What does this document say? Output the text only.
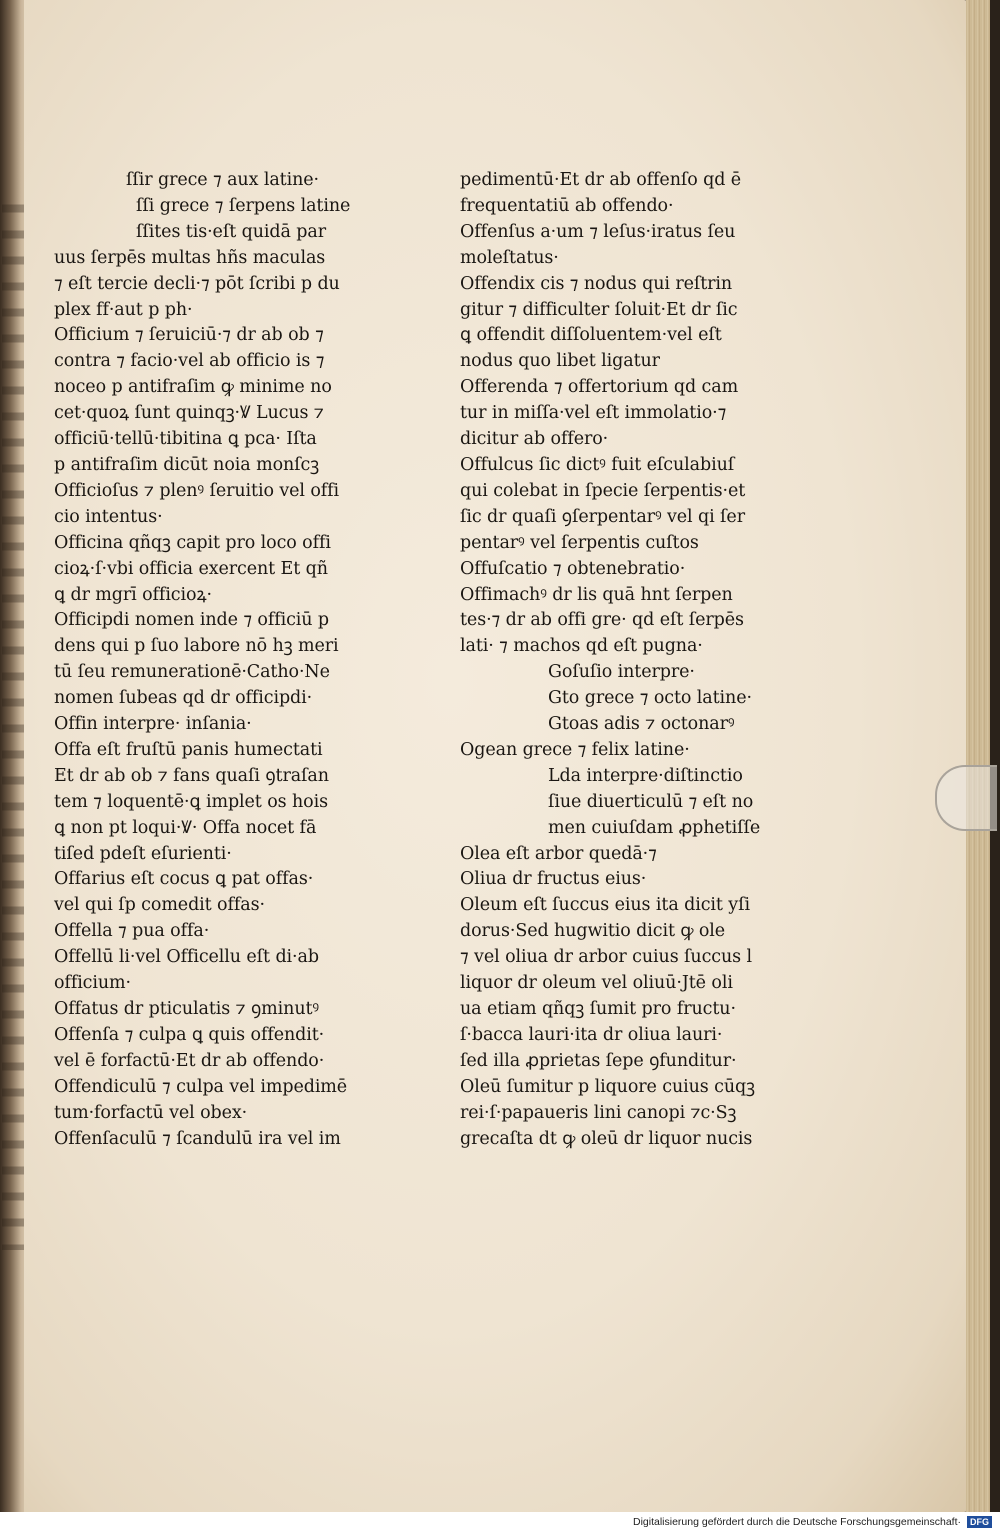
ſſir grece ⁊ aux latine·
ſſi grece ⁊ ſerpens latine
ſſites tis·eſt quidā par
uus ſerpēs multas hñs maculas
⁊ eſt tercie decli·⁊ pōt ſcribi p du
plex ff·aut p ph·
Officium ⁊ ſeruiciū·⁊ dr ab ob ⁊
contra ⁊ facio·vel ab officio is ⁊
noceo p antifraſim ꝙ minime no
cet·quoꝝ ſunt quinqꝫ·Ꝟ Lucus ⁊
officiū·tellū·tibitina ꝗ pca· Iſta
p antifraſim dicūt noia monſcꝫ
Officioſus ⁊ plenꝰ ſeruitio vel offi
cio intentus·
Officina qñqꝫ capit pro loco offi
cioꝝ·ſ·vbi officia exercent Et qñ
ꝗ dr mgrī officioꝝ·
Officipdi nomen inde ⁊ officiū p
dens qui p ſuo labore nō hꝫ meri
tū ſeu remunerationē·Catho·Ne
nomen ſubeas qd dr officipdi·
Offin interpre· inſania·
Offa eſt fruſtū panis humectati
Et dr ab ob ⁊ fans quaſi ꝯtraſan
tem ⁊ loquentē·ꝗ implet os hois
ꝗ non pt loqui·Ꝟ· Offa nocet fā
tiſed pdeſt eſurienti·
Offarius eſt cocus ꝗ pat offas·
vel qui ſp comedit offas·
Offella ⁊ pua offa·
Offellū li·vel Officellu eſt di·ab
officium·
Offatus dr pticulatis ⁊ ꝯminutꝰ
Offenſa ⁊ culpa ꝗ quis offendit·
vel ē forfactū·Et dr ab offendo·
Offendiculū ⁊ culpa vel impedimē
tum·forfactū vel obex·
Offenſaculū ⁊ ſcandulū ira vel im
pedimentū·Et dr ab offenſo qd ē
frequentatiū ab offendo·
Offenſus a·um ⁊ leſus·iratus ſeu
moleſtatus·
Offendix cis ⁊ nodus qui reſtrin
gitur ⁊ difficulter ſoluit·Et dr ſic
ꝗ offendit diſſoluentem·vel eſt
nodus quo libet ligatur
Offerenda ⁊ offertorium qd cam
tur in miſſa·vel eſt immolatio·⁊
dicitur ab offero·
Offulcus ſic dictꝰ fuit eſculabiuſ
qui colebat in ſpecie ſerpentis·et
ſic dr quaſi ꝯſerpentarꝰ vel qi ſer
pentarꝰ vel ſerpentis cuſtos
Offuſcatio ⁊ obtenebratio·
Offimachꝰ dr lis quā hnt ſerpen
tes·⁊ dr ab offi gre· qd eſt ſerpēs
lati· ⁊ machos qd eſt pugna·
Goſuſio interpre·
Gto grece ⁊ octo latine·
Gtoas adis ⁊ octonarꝰ
Ogean grece ⁊ felix latine·
Lda interpre·diſtinctio
ſiue diuerticulū ⁊ eſt no
men cuiuſdam ꝓphetiſſe
Olea eſt arbor quedā·⁊
Oliua dr fructus eius·
Oleum eſt ſuccus eius ita dicit yſi
dorus·Sed hugwitio dicit ꝙ ole
⁊ vel oliua dr arbor cuius ſuccus l
liquor dr oleum vel oliuū·Jtē oli
ua etiam qñqꝫ ſumit pro fructu·
ſ·bacca lauri·ita dr oliua lauri·
ſed illa ꝓprietas ſepe ꝯfunditur·
Oleū ſumitur p liquore cuius cūqꝫ
rei·ſ·papaueris lini canopi ⁊c·Sꝫ
grecaſta dt ꝙ oleū dr liquor nucis
Digitalisierung gefördert durch die Deutsche Forschungsgemeinschaft·	DFG
